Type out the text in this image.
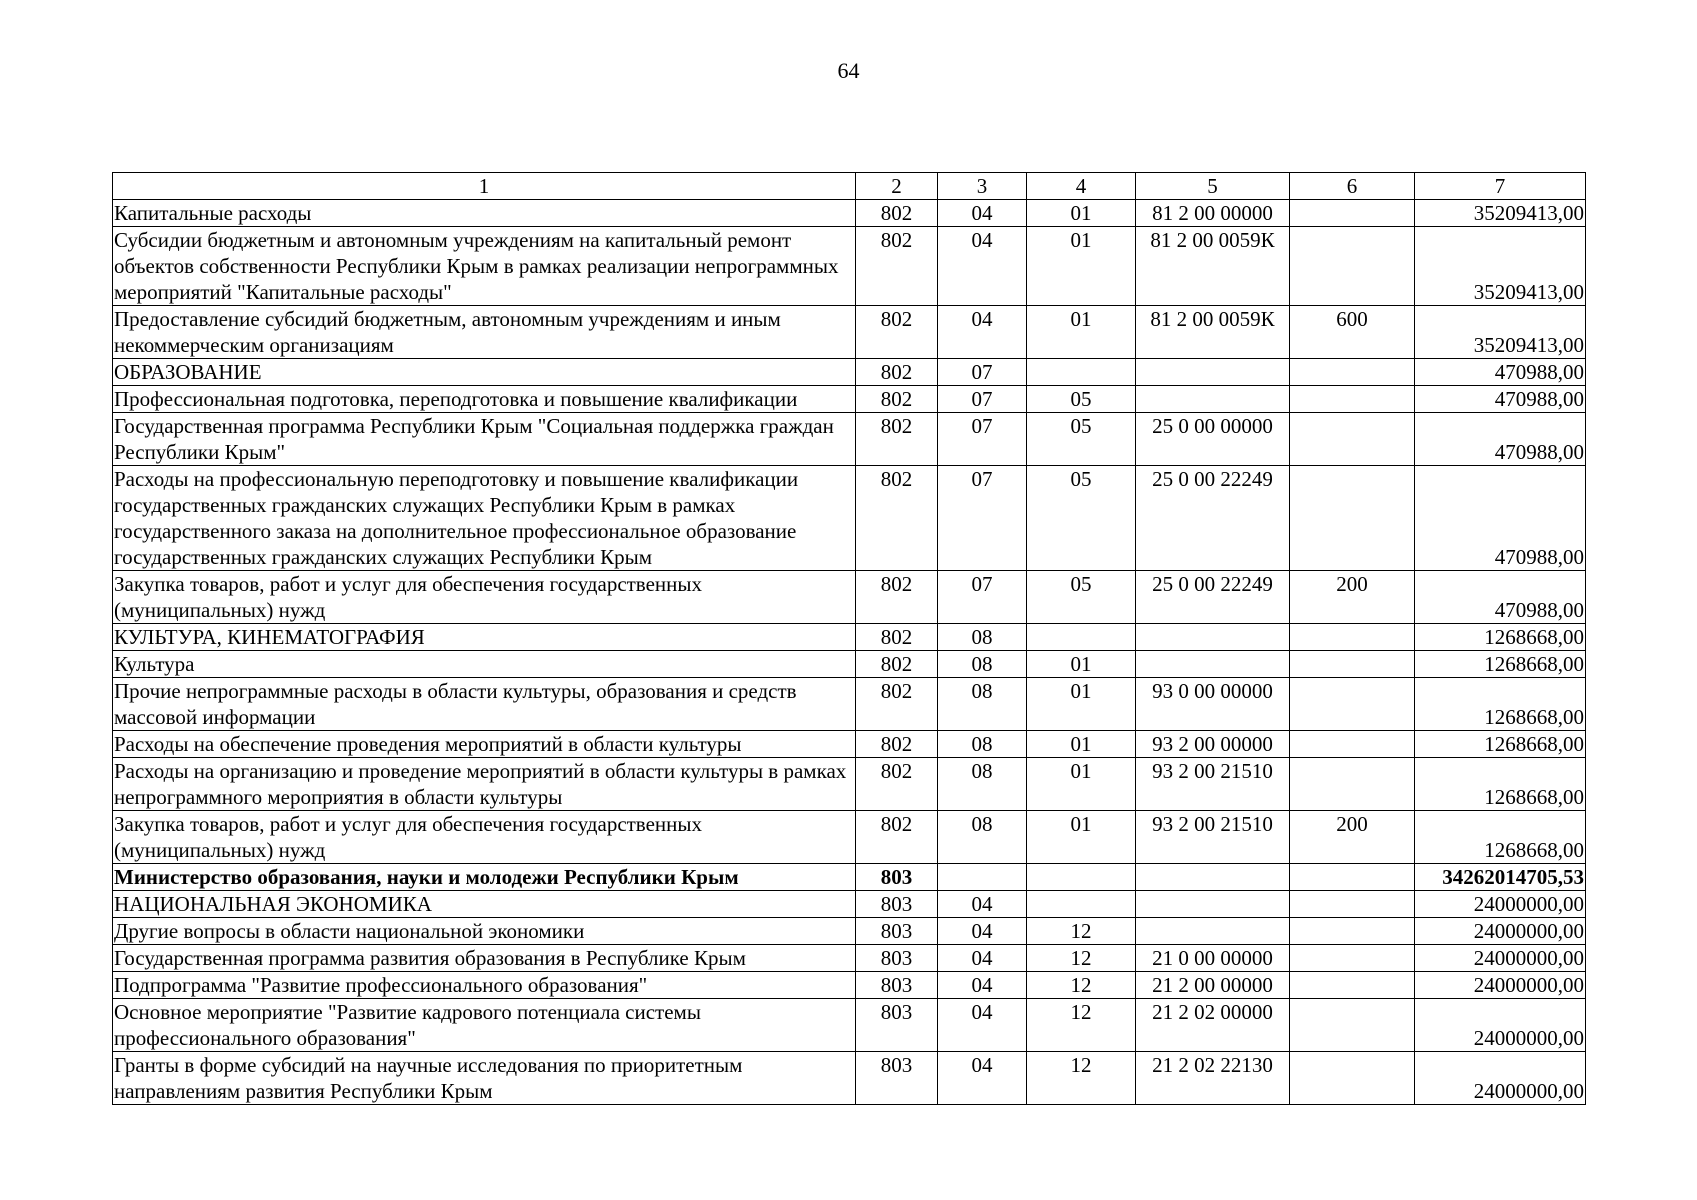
64
1	2	3	4	5	6	7
Капитальные расходы	802	04	01	81 2 00 00000		35209413,00
Субсидии бюджетным и автономным учреждениям на капитальный ремонт объектов собственности Республики Крым в рамках реализации непрограммных мероприятий "Капитальные расходы"	802	04	01	81 2 00 0059К		35209413,00
Предоставление субсидий бюджетным, автономным учреждениям и иным некоммерческим организациям	802	04	01	81 2 00 0059К	600	35209413,00
ОБРАЗОВАНИЕ	802	07				470988,00
Профессиональная подготовка, переподготовка и повышение квалификации	802	07	05			470988,00
Государственная программа Республики Крым "Социальная поддержка граждан Республики Крым"	802	07	05	25 0 00 00000		470988,00
Расходы на профессиональную переподготовку и повышение квалификации государственных гражданских служащих Республики Крым в рамках государственного заказа на дополнительное профессиональное образование государственных гражданских служащих Республики Крым	802	07	05	25 0 00 22249		470988,00
Закупка товаров, работ и услуг для обеспечения государственных (муниципальных) нужд	802	07	05	25 0 00 22249	200	470988,00
КУЛЬТУРА, КИНЕМАТОГРАФИЯ	802	08				1268668,00
Культура	802	08	01			1268668,00
Прочие непрограммные расходы в области культуры, образования и средств массовой информации	802	08	01	93 0 00 00000		1268668,00
Расходы на обеспечение проведения мероприятий в области культуры	802	08	01	93 2 00 00000		1268668,00
Расходы на организацию и проведение мероприятий в области культуры в рамках непрограммного мероприятия в области культуры	802	08	01	93 2 00 21510		1268668,00
Закупка товаров, работ и услуг для обеспечения государственных (муниципальных) нужд	802	08	01	93 2 00 21510	200	1268668,00
Министерство образования, науки и молодежи Республики Крым	803					34262014705,53
НАЦИОНАЛЬНАЯ ЭКОНОМИКА	803	04				24000000,00
Другие вопросы в области национальной экономики	803	04	12			24000000,00
Государственная программа развития образования в Республике Крым	803	04	12	21 0 00 00000		24000000,00
Подпрограмма "Развитие профессионального образования"	803	04	12	21 2 00 00000		24000000,00
Основное мероприятие "Развитие кадрового потенциала системы профессионального образования"	803	04	12	21 2 02 00000		24000000,00
Гранты в форме субсидий на научные исследования по приоритетным направлениям развития Республики Крым	803	04	12	21 2 02 22130		24000000,00
